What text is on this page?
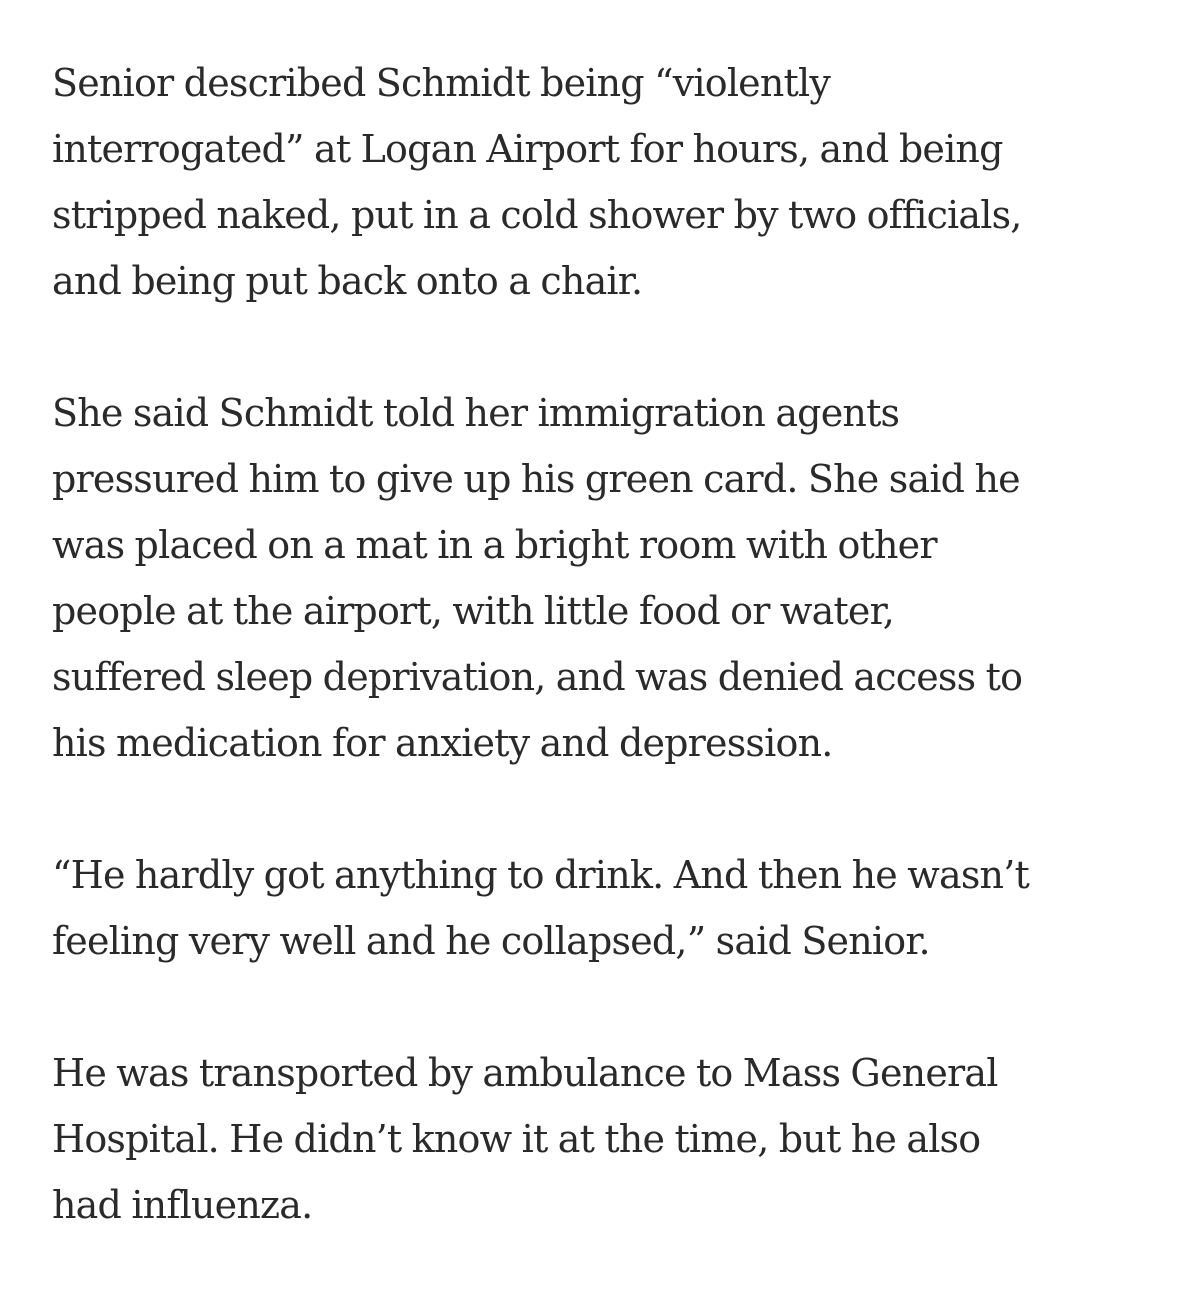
Senior described Schmidt being “violently
interrogated” at Logan Airport for hours, and being
stripped naked, put in a cold shower by two officials,
and being put back onto a chair.

She said Schmidt told her immigration agents
pressured him to give up his green card. She said he
was placed on a mat in a bright room with other
people at the airport, with little food or water,
suffered sleep deprivation, and was denied access to
his medication for anxiety and depression.

“He hardly got anything to drink. And then he wasn’t
feeling very well and he collapsed,” said Senior.

He was transported by ambulance to Mass General
Hospital. He didn’t know it at the time, but he also
had influenza.
